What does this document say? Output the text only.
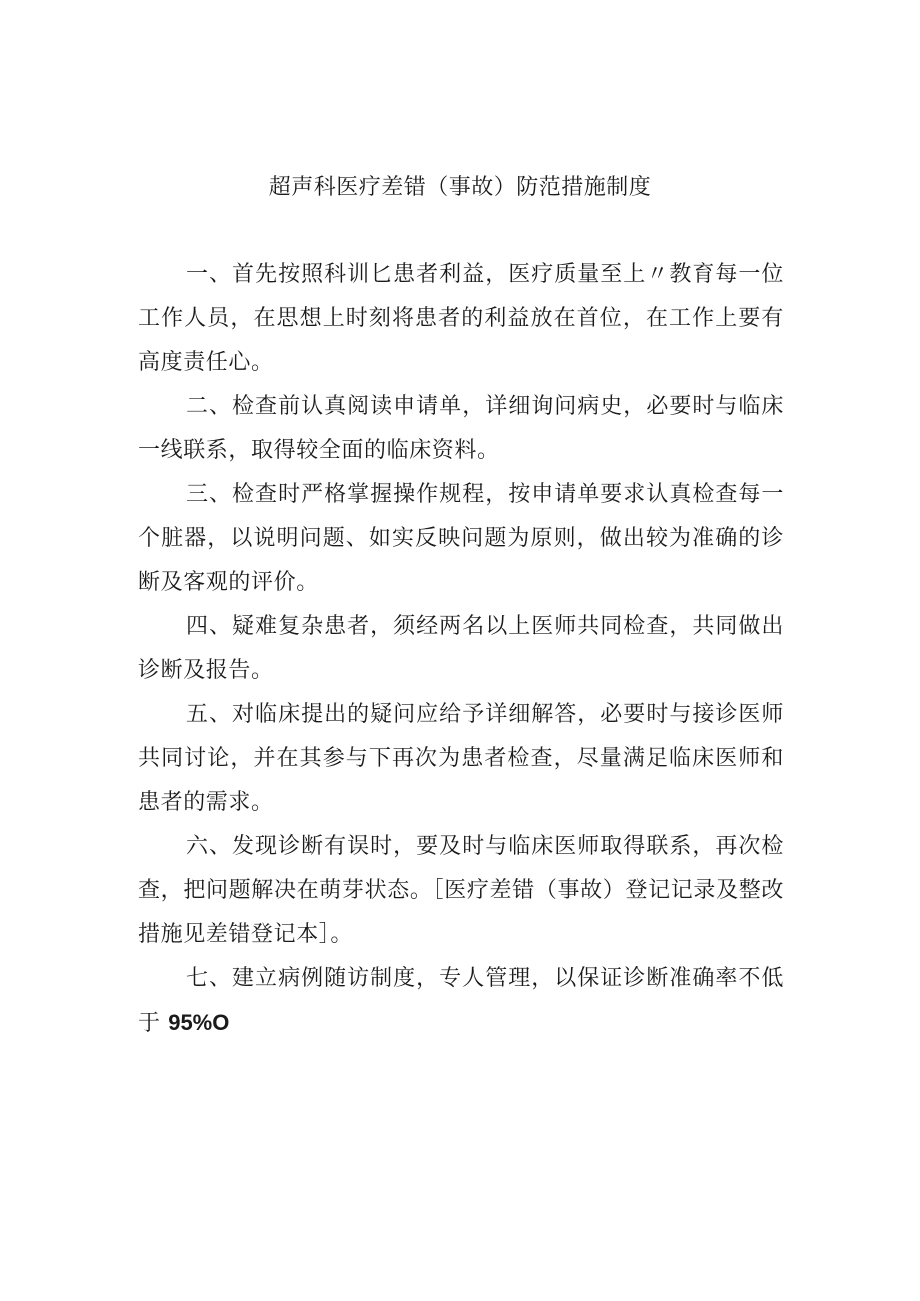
超声科医疗差错（事故）防范措施制度

一、首先按照科训匕患者利益，医疗质量至上〃教育每一位工作人员，在思想上时刻将患者的利益放在首位，在工作上要有高度责任心。

二、检查前认真阅读申请单，详细询问病史，必要时与临床一线联系，取得较全面的临床资料。

三、检查时严格掌握操作规程，按申请单要求认真检查每一个脏器，以说明问题、如实反映问题为原则，做出较为准确的诊断及客观的评价。

四、疑难复杂患者，须经两名以上医师共同检查，共同做出诊断及报告。

五、对临床提出的疑问应给予详细解答，必要时与接诊医师共同讨论，并在其参与下再次为患者检查，尽量满足临床医师和患者的需求。

六、发现诊断有误时，要及时与临床医师取得联系，再次检查，把问题解决在萌芽状态。［医疗差错（事故）登记记录及整改措施见差错登记本］。

七、建立病例随访制度，专人管理，以保证诊断准确率不低于 95%O
